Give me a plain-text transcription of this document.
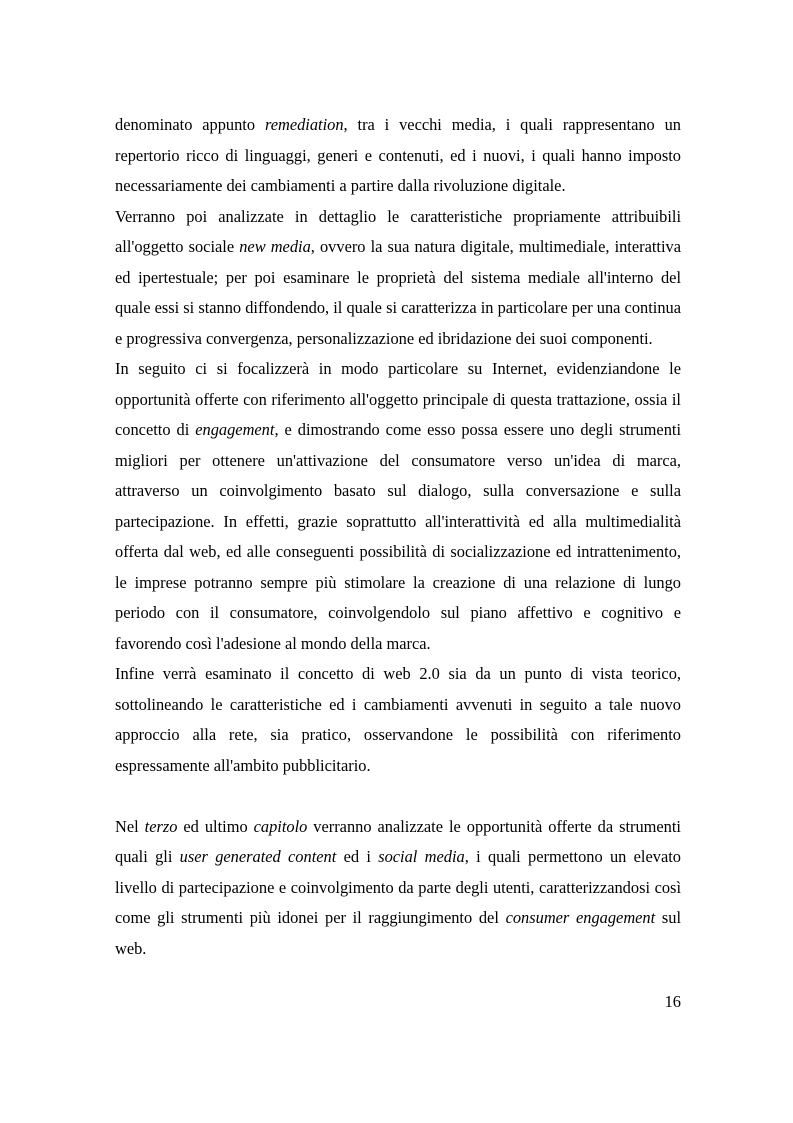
denominato appunto remediation, tra i vecchi media, i quali rappresentano un repertorio ricco di linguaggi, generi e contenuti, ed i nuovi, i quali hanno imposto necessariamente dei cambiamenti a partire dalla rivoluzione digitale.

Verranno poi analizzate in dettaglio le caratteristiche propriamente attribuibili all'oggetto sociale new media, ovvero la sua natura digitale, multimediale, interattiva ed ipertestuale; per poi esaminare le proprietà del sistema mediale all'interno del quale essi si stanno diffondendo, il quale si caratterizza in particolare per una continua e progressiva convergenza, personalizzazione ed ibridazione dei suoi componenti.

In seguito ci si focalizzerà in modo particolare su Internet, evidenziandone le opportunità offerte con riferimento all'oggetto principale di questa trattazione, ossia il concetto di engagement, e dimostrando come esso possa essere uno degli strumenti migliori per ottenere un'attivazione del consumatore verso un'idea di marca, attraverso un coinvolgimento basato sul dialogo, sulla conversazione e sulla partecipazione. In effetti, grazie soprattutto all'interattività ed alla multimedialità offerta dal web, ed alle conseguenti possibilità di socializzazione ed intrattenimento, le imprese potranno sempre più stimolare la creazione di una relazione di lungo periodo con il consumatore, coinvolgendolo sul piano affettivo e cognitivo e favorendo così l'adesione al mondo della marca.

Infine verrà esaminato il concetto di web 2.0 sia da un punto di vista teorico, sottolineando le caratteristiche ed i cambiamenti avvenuti in seguito a tale nuovo approccio alla rete, sia pratico, osservandone le possibilità con riferimento espressamente all'ambito pubblicitario.

Nel terzo ed ultimo capitolo verranno analizzate le opportunità offerte da strumenti quali gli user generated content ed i social media, i quali permettono un elevato livello di partecipazione e coinvolgimento da parte degli utenti, caratterizzandosi così come gli strumenti più idonei per il raggiungimento del consumer engagement sul web.

16
